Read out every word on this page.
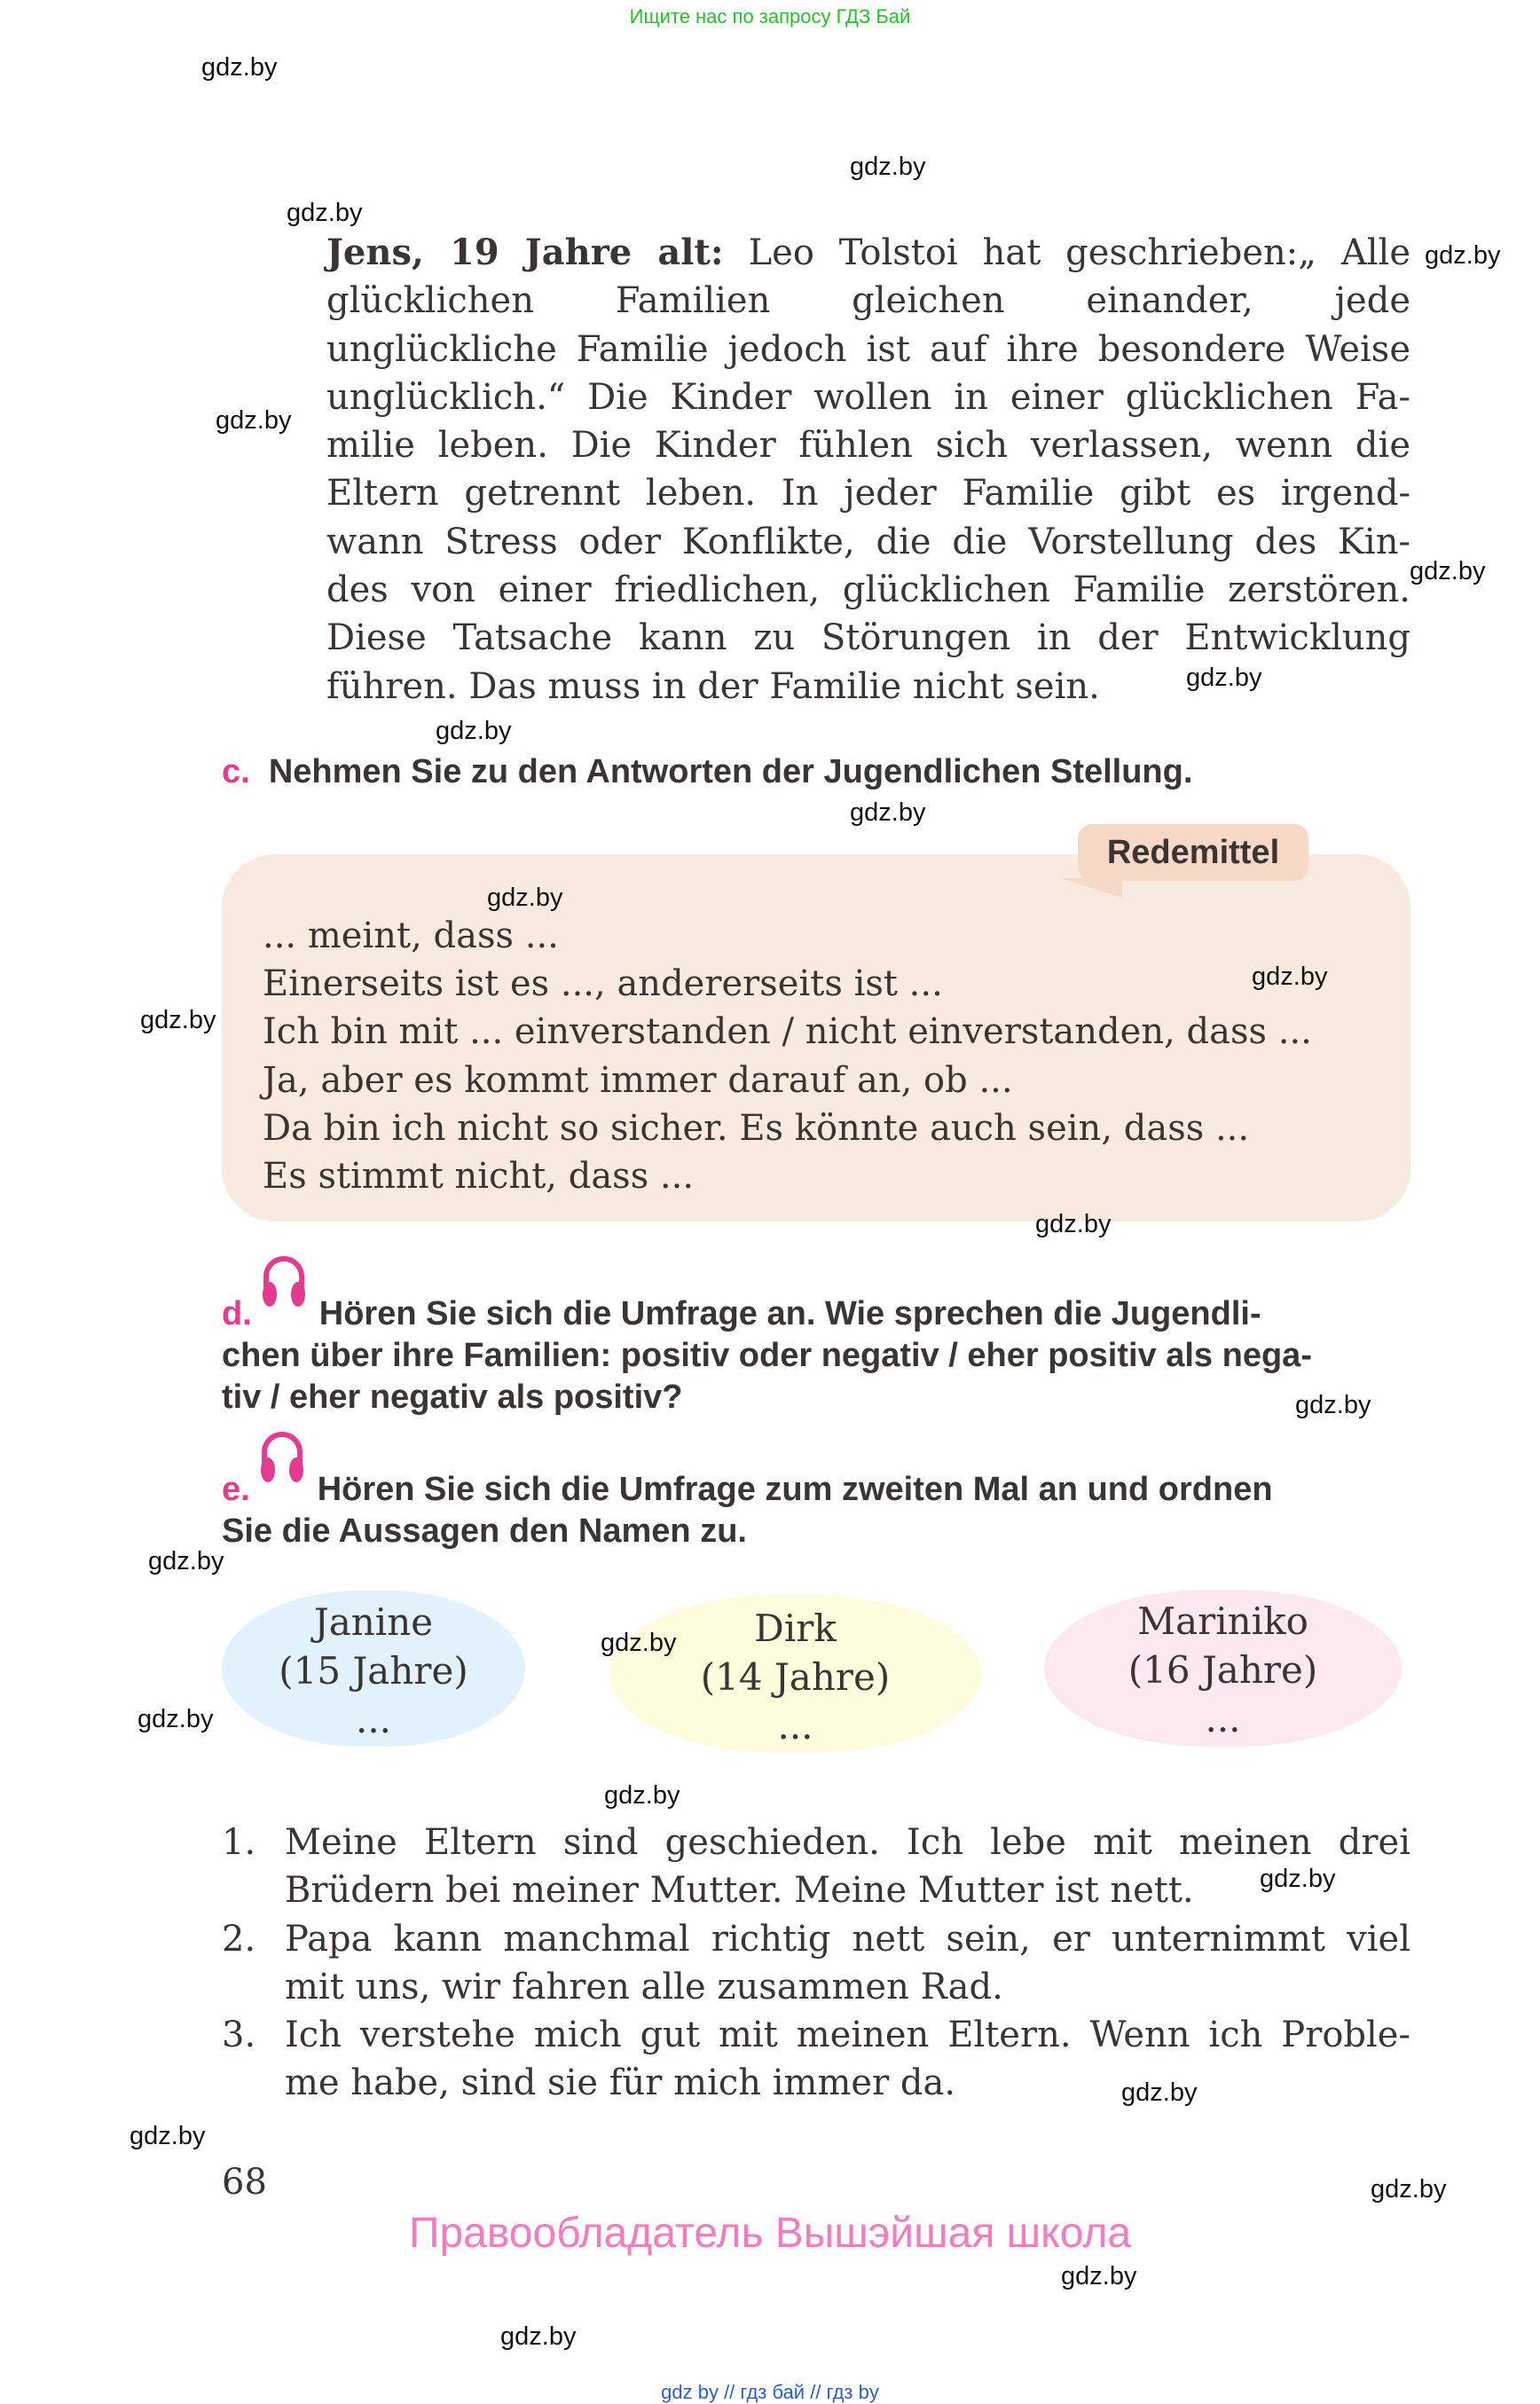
Ищите нас по запросу ГДЗ Бай
Jens, 19 Jahre alt: Leo Tolstoi hat geschrieben:„ Alle
glücklichen Familien gleichen einander, jede
unglückliche Familie jedoch ist auf ihre besondere Weise
unglücklich.“ Die Kinder wollen in einer glücklichen Fa-
milie leben. Die Kinder fühlen sich verlassen, wenn die
Eltern getrennt leben. In jeder Familie gibt es irgend-
wann Stress oder Konflikte, die die Vorstellung des Kin-
des von einer friedlichen, glücklichen Familie zerstören.
Diese Tatsache kann zu Störungen in der Entwicklung
führen. Das muss in der Familie nicht sein.
c. Nehmen Sie zu den Antworten der Jugendlichen Stellung.
Redemittel
... meint, dass ...
Einerseits ist es ..., andererseits ist ...
Ich bin mit ... einverstanden / nicht einverstanden, dass ...
Ja, aber es kommt immer darauf an, ob ...
Da bin ich nicht so sicher. Es könnte auch sein, dass ...
Es stimmt nicht, dass ...
d. Hören Sie sich die Umfrage an. Wie sprechen die Jugendli-
chen über ihre Familien: positiv oder negativ / eher positiv als nega-
tiv / eher negativ als positiv?
e. Hören Sie sich die Umfrage zum zweiten Mal an und ordnen
Sie die Aussagen den Namen zu.
Janine
(15 Jahre)
...
Dirk
(14 Jahre)
...
Mariniko
(16 Jahre)
...
1. Meine Eltern sind geschieden. Ich lebe mit meinen drei
Brüdern bei meiner Mutter. Meine Mutter ist nett.
2. Papa kann manchmal richtig nett sein, er unternimmt viel
mit uns, wir fahren alle zusammen Rad.
3. Ich verstehe mich gut mit meinen Eltern. Wenn ich Proble-
me habe, sind sie für mich immer da.
68
Правообладатель Вышэйшая школа
gdz by // гдз бай // гдз by
gdz.by
gdz.by
gdz.by
gdz.by
gdz.by
gdz.by
gdz.by
gdz.by
gdz.by
gdz.by
gdz.by
gdz.by
gdz.by
gdz.by
gdz.by
gdz.by
gdz.by
gdz.by
gdz.by
gdz.by
gdz.by
gdz.by
gdz.by
gdz.by
